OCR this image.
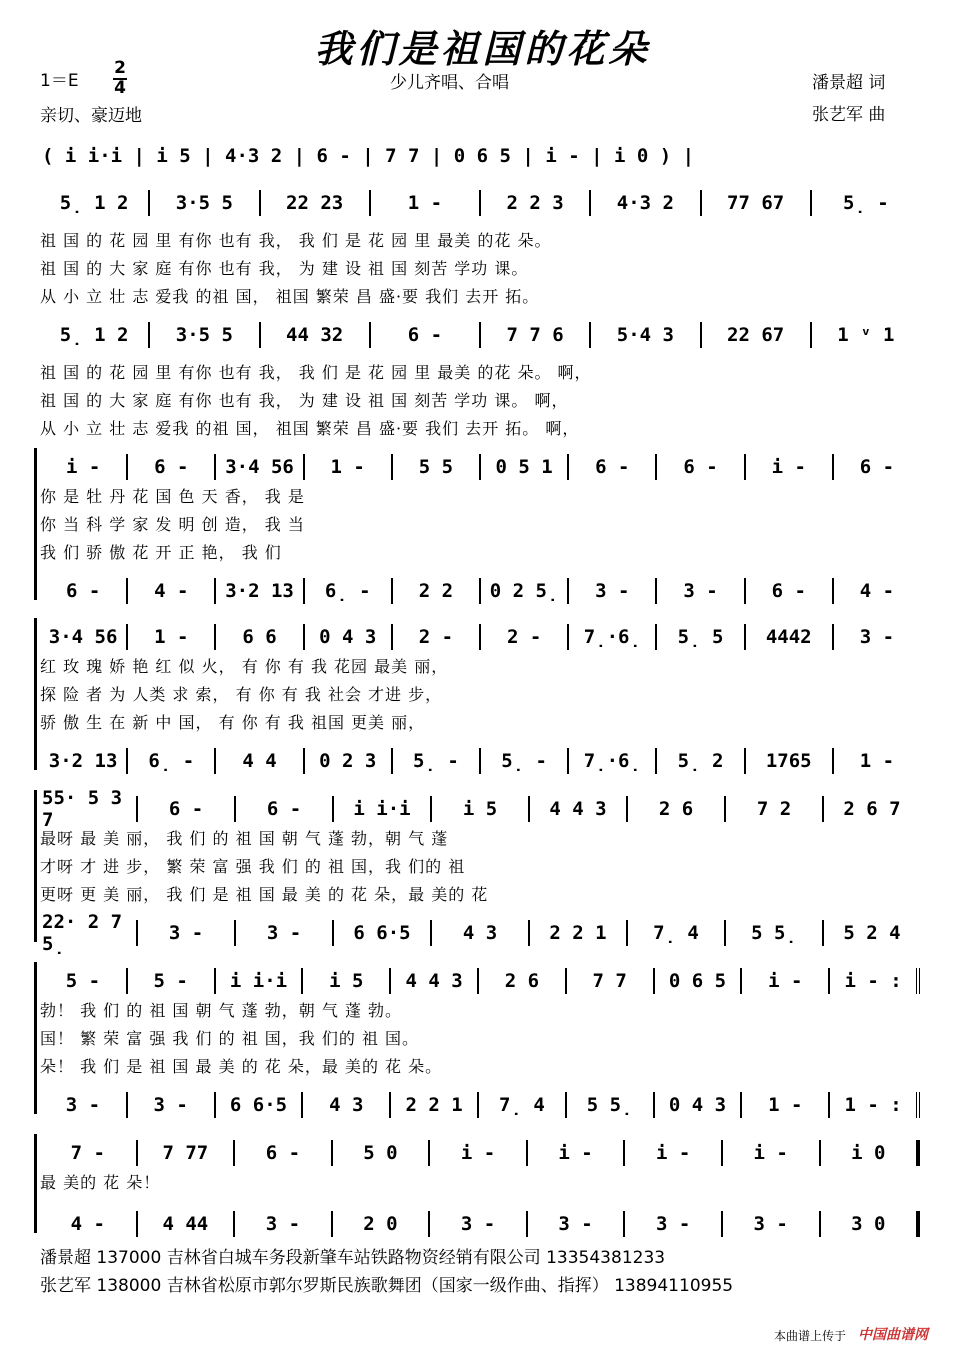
我们是祖国的花朵
1＝E
2
4	少儿齐唱、合唱	潘景超 词
亲切、豪迈地	张艺军 曲
( i i·i | i 5 | 4·3 2 | 6 - | 7 7 | 0 6 5 | i - | i 0 ) |
5̣ 1 2	3·5 5	22 23	1 -	2 2 3	4·3 2	77 67	5̣ -
祖 国 的 花 园 里 有你 也有 我， 我 们 是 花 园 里 最美 的花 朵。
祖 国 的 大 家 庭 有你 也有 我， 为 建 设 祖 国 刻苦 学功 课。
从 小 立 壮 志 爱我 的祖 国， 祖国 繁荣 昌 盛·要 我们 去开 拓。
5̣ 1 2	3·5 5	44 32	6 -	7 7 6	5·4 3	22 67	1 ᵛ 1
祖 国 的 花 园 里 有你 也有 我， 我 们 是 花 园 里 最美 的花 朵。 啊，
祖 国 的 大 家 庭 有你 也有 我， 为 建 设 祖 国 刻苦 学功 课。 啊，
从 小 立 壮 志 爱我 的祖 国， 祖国 繁荣 昌 盛·要 我们 去开 拓。 啊，
i -	6 -	3·4 56	1 -	5 5	0 5 1	6 -	6 -	i -	6 -
你 是 牡 丹 花 国 色 天 香， 我 是
你 当 科 学 家 发 明 创 造， 我 当
我 们 骄 傲 花 开 正 艳， 我 们
6 -	4 -	3·2 13	6̣ -	2 2	0 2 5̣	3 -	3 -	6 -	4 -
3·4 56	1 -	6 6	0 4 3	2 -	2 -	7̣·6̣	5̣ 5	4442	3 -
红 玫 瑰 娇 艳 红 似 火， 有 你 有 我 花园 最美 丽，
探 险 者 为 人类 求 索， 有 你 有 我 社会 才进 步，
骄 傲 生 在 新 中 国， 有 你 有 我 祖国 更美 丽，
3·2 13	6̣ -	4 4	0 2 3	5̣ -	5̣ -	7̣·6̣	5̣ 2	1765	1 -
55· 5 3 7	6 -	6 -	i i·i	i 5	4 4 3	2 6	7 2	2 6 7
最呀 最 美 丽， 我 们 的 祖 国 朝 气 蓬 勃，朝 气 蓬
才呀 才 进 步， 繁 荣 富 强 我 们 的 祖 国，我 们的 祖
更呀 更 美 丽， 我 们 是 祖 国 最 美 的 花 朵，最 美的 花
22· 2 7 5̣	3 -	3 -	6 6·5	4 3	2 2 1	7̣ 4	5 5̣	5 2 4
5 -	5 -	i i·i	i 5	4 4 3	2 6	7 7	0 6 5	i -	i - :
勃！ 我 们 的 祖 国 朝 气 蓬 勃，朝 气 蓬 勃。
国！ 繁 荣 富 强 我 们 的 祖 国，我 们的 祖 国。
朵！ 我 们 是 祖 国 最 美 的 花 朵，最 美的 花 朵。
3 -	3 -	6 6·5	4 3	2 2 1	7̣ 4	5 5̣	0 4 3	1 -	1 - :
7 -	7 77	6 -	5 0	i -	i -	i -	i -	i 0
最 美的 花 朵！
4 -	4 44	3 -	2 0	3 -	3 -	3 -	3 -	3 0
潘景超 137000 吉林省白城车务段新肇车站铁路物资经销有限公司 13354381233
张艺军 138000 吉林省松原市郭尔罗斯民族歌舞团（国家一级作曲、指挥） 13894110955
本曲谱上传于 中国曲谱网
